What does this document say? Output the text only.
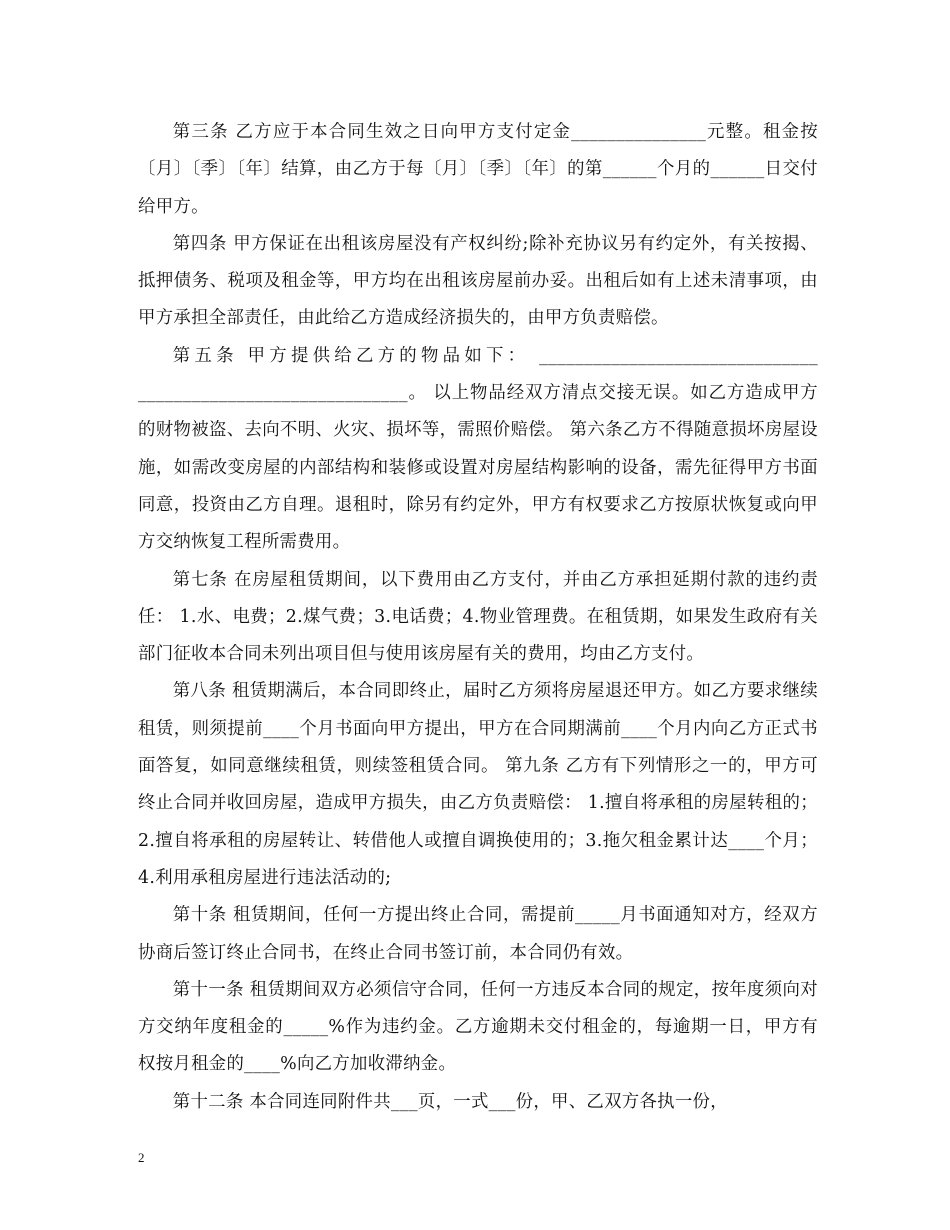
第三条 乙方应于本合同生效之日向甲方支付定金_______________元整。租金按〔月〕〔季〕〔年〕结算，由乙方于每〔月〕〔季〕〔年〕的第______个月的______日交付给甲方。

第四条 甲方保证在出租该房屋没有产权纠纷;除补充协议另有约定外，有关按揭、抵押债务、税项及租金等，甲方均在出租该房屋前办妥。出租后如有上述未清事项，由甲方承担全部责任，由此给乙方造成经济损失的，由甲方负责赔偿。

第五条 甲方提供给乙方的物品如下： _______________________________ ______________________________。 以上物品经双方清点交接无误。如乙方造成甲方的财物被盗、去向不明、火灾、损坏等，需照价赔偿。 第六条乙方不得随意损坏房屋设施，如需改变房屋的内部结构和装修或设置对房屋结构影响的设备，需先征得甲方书面同意，投资由乙方自理。退租时，除另有约定外，甲方有权要求乙方按原状恢复或向甲方交纳恢复工程所需费用。

第七条 在房屋租赁期间，以下费用由乙方支付，并由乙方承担延期付款的违约责任： 1.水、电费；2.煤气费；3.电话费；4.物业管理费。在租赁期，如果发生政府有关部门征收本合同未列出项目但与使用该房屋有关的费用，均由乙方支付。

第八条 租赁期满后，本合同即终止，届时乙方须将房屋退还甲方。如乙方要求继续租赁，则须提前____个月书面向甲方提出，甲方在合同期满前____个月内向乙方正式书面答复，如同意继续租赁，则续签租赁合同。 第九条 乙方有下列情形之一的，甲方可终止合同并收回房屋，造成甲方损失，由乙方负责赔偿： 1.擅自将承租的房屋转租的；2.擅自将承租的房屋转让、转借他人或擅自调换使用的；3.拖欠租金累计达____个月；4.利用承租房屋进行违法活动的;

第十条 租赁期间，任何一方提出终止合同，需提前_____月书面通知对方，经双方协商后签订终止合同书，在终止合同书签订前，本合同仍有效。

第十一条 租赁期间双方必须信守合同，任何一方违反本合同的规定，按年度须向对方交纳年度租金的_____%作为违约金。乙方逾期未交付租金的，每逾期一日，甲方有权按月租金的____%向乙方加收滞纳金。

第十二条 本合同连同附件共___页，一式___份，甲、乙双方各执一份，

2
